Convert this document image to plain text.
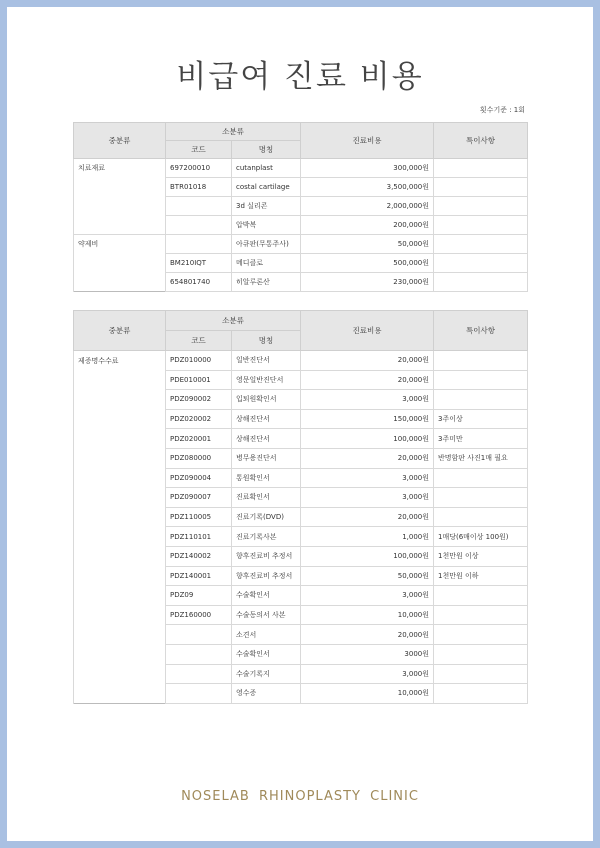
비급여 진료 비용
횟수기준 : 1회
중분류	소분류		진료비용	특이사항
	코드	명칭		
치료재료	697200010	cutanplast	300,000원	
	BTR01018	costal cartilage	3,500,000원	
		3d 실리콘	2,000,000원	
		압박복	200,000원	
약제비		아큐판(무통주사)	50,000원	
	BM210IQT	메디클로	500,000원	
	654801740	히알루론산	230,000원	
중분류	소분류		진료비용	특이사항
	코드	명칭		
제증명수수료	PDZ010000	일반진단서	20,000원	
	PDE010001	영문일반진단서	20,000원	
	PDZ090002	입퇴원확인서	3,000원	
	PDZ020002	상해진단서	150,000원	3주이상
	PDZ020001	상해진단서	100,000원	3주미만
	PDZ080000	병무용진단서	20,000원	반명함판 사진1매 필요
	PDZ090004	통원확인서	3,000원	
	PDZ090007	진료확인서	3,000원	
	PDZ110005	진료기록(DVD)	20,000원	
	PDZ110101	진료기록사본	1,000원	1매당(6매이상 100원)
	PDZ140002	향후진료비 추정서	100,000원	1천만원 이상
	PDZ140001	향후진료비 추정서	50,000원	1천만원 이하
	PDZ09	수술확인서	3,000원	
	PDZ160000	수술동의서 사본	10,000원	
		소견서	20,000원	
		수술확인서	3000원	
		수술기록지	3,000원	
		영수증	10,000원	
NOSELAB RHINOPLASTY CLINIC
